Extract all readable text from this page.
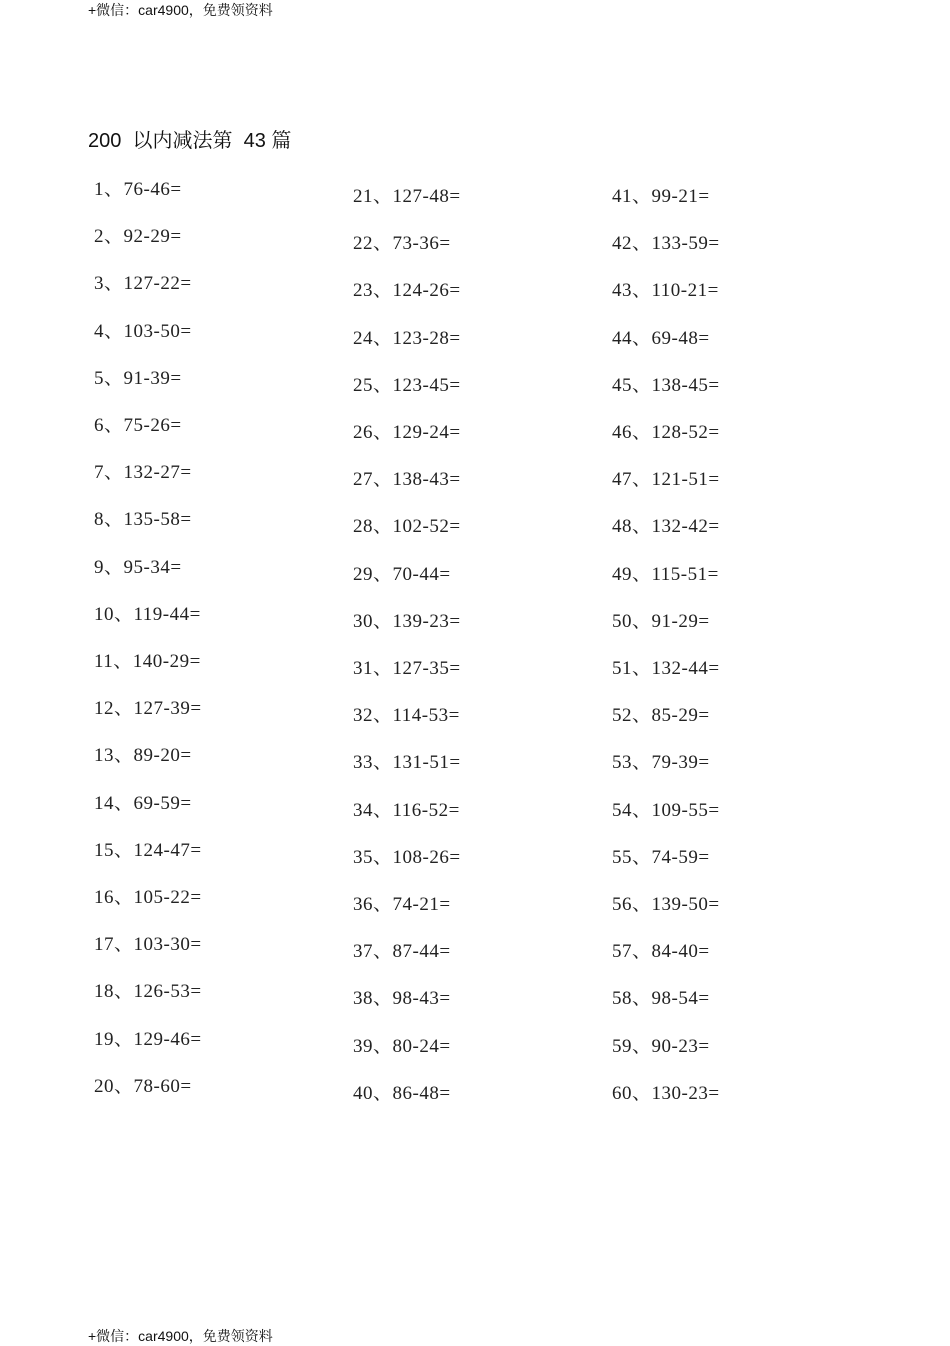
+微信：car4900，免费领资料
200  以内减法第  43 篇
1、76-46=
2、92-29=
3、127-22=
4、103-50=
5、91-39=
6、75-26=
7、132-27=
8、135-58=
9、95-34=
10、119-44=
11、140-29=
12、127-39=
13、89-20=
14、69-59=
15、124-47=
16、105-22=
17、103-30=
18、126-53=
19、129-46=
20、78-60=
21、127-48=
22、73-36=
23、124-26=
24、123-28=
25、123-45=
26、129-24=
27、138-43=
28、102-52=
29、70-44=
30、139-23=
31、127-35=
32、114-53=
33、131-51=
34、116-52=
35、108-26=
36、74-21=
37、87-44=
38、98-43=
39、80-24=
40、86-48=
41、99-21=
42、133-59=
43、110-21=
44、69-48=
45、138-45=
46、128-52=
47、121-51=
48、132-42=
49、115-51=
50、91-29=
51、132-44=
52、85-29=
53、79-39=
54、109-55=
55、74-59=
56、139-50=
57、84-40=
58、98-54=
59、90-23=
60、130-23=
+微信：car4900，免费领资料
